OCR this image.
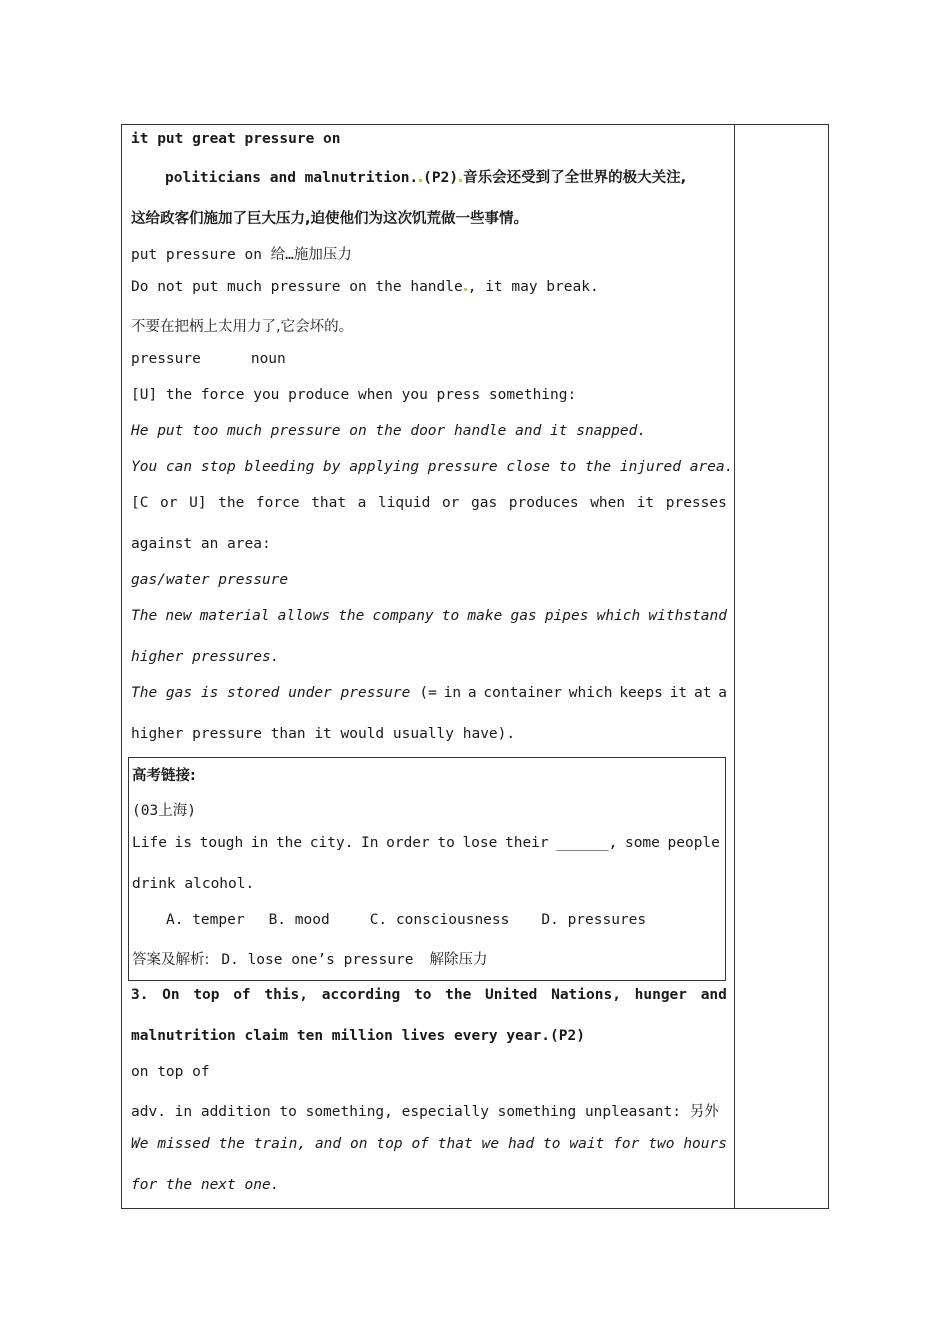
it put great pressure on
politicians and malnutrition. (P2) 音乐会还受到了全世界的极大关注,
这给政客们施加了巨大压力,迫使他们为这次饥荒做一些事情。
put pressure on 给…施加压力
Do not put much pressure on the handle , it may break.
不要在把柄上太用力了,它会坏的。
pressure	noun
[U] the force you produce when you press something:
He put too much pressure on the door handle and it snapped.
You can stop bleeding by applying pressure close to the injured area.
[C or U] the force that a liquid or gas produces when it presses
against an area:
gas/water pressure
The new material allows the company to make gas pipes which withstand
higher pressures.
The gas is stored under pressure (= in a container which keeps it at a
higher pressure than it would usually have).
高考链接:
(03上海)
Life is tough in the city. In order to lose their ______, some people
drink alcohol.
A. temper B. mood	C. consciousness D. pressures
答案及解析: D. lose one’s pressure 解除压力
3. On top of this, according to the United Nations, hunger and
malnutrition claim ten million lives every year.(P2)
on top of
adv. in addition to something, especially something unpleasant: 另外
We missed the train, and on top of that we had to wait for two hours
for the next one.
